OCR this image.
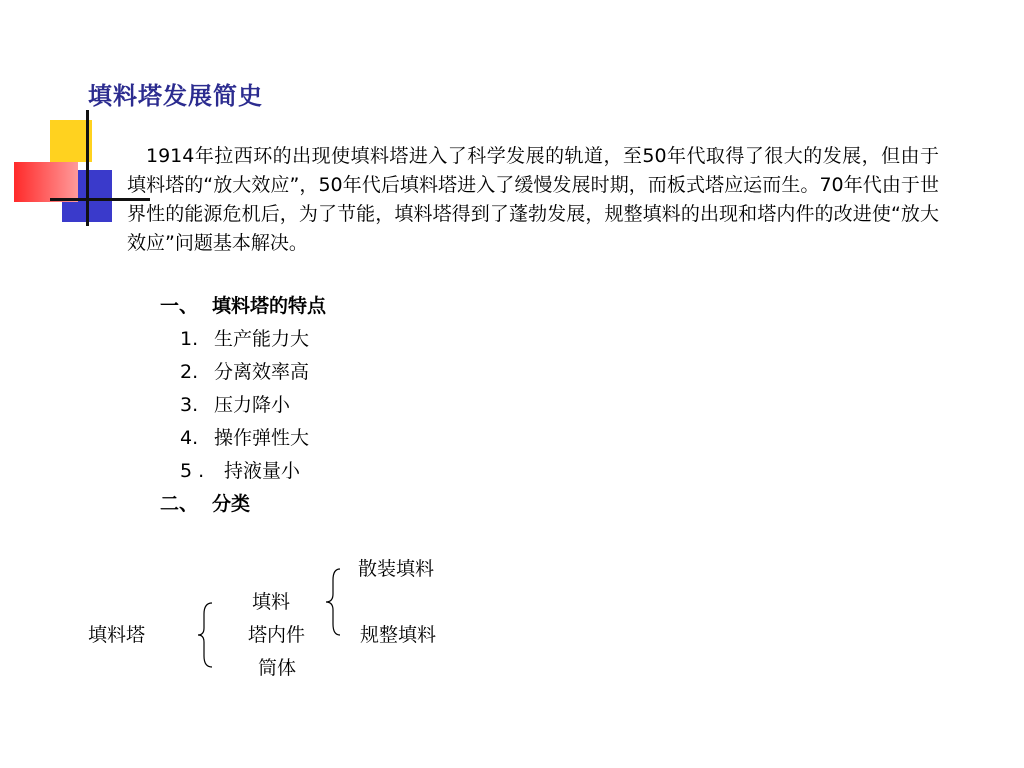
填料塔发展简史
1914年拉西环的出现使填料塔进入了科学发展的轨道，至50年代取得了很大的发展，但由于填料塔的“放大效应”，50年代后填料塔进入了缓慢发展时期，而板式塔应运而生。70年代由于世界性的能源危机后，为了节能，填料塔得到了蓬勃发展，规整填料的出现和塔内件的改进使“放大效应”问题基本解决。
一、 填料塔的特点
1. 生产能力大
2. 分离效率高
3. 压力降小
4. 操作弹性大
5 . 持液量小
二、 分类
填料塔
填料
塔内件
筒体
散装填料
规整填料
